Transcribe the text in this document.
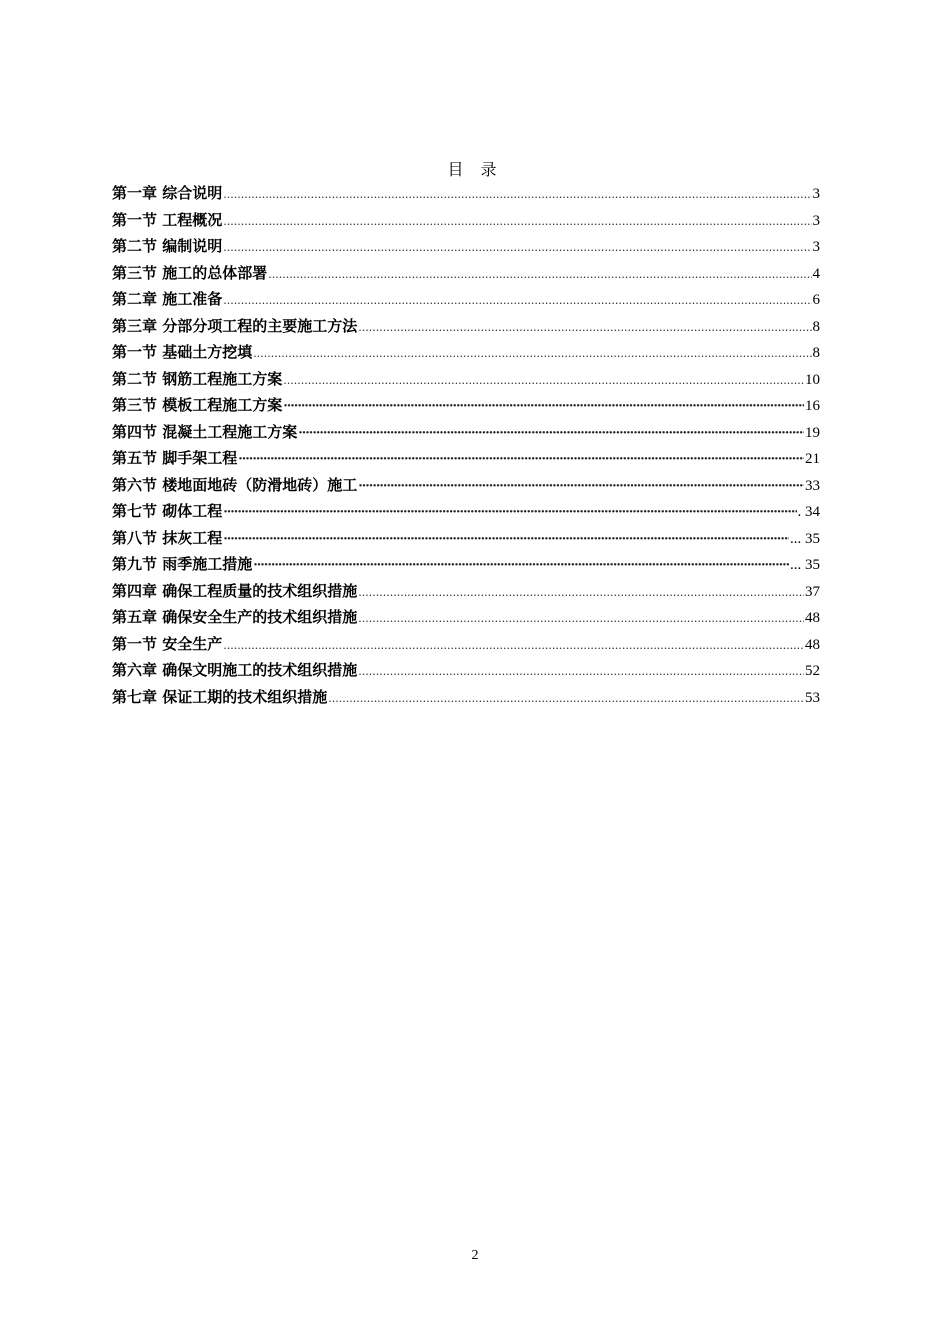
目 录
第一章 综合说明 .....	3
第一节 工程概况 .....	3
第二节 编制说明 .....	3
第三节 施工的总体部署 .....	4
第二章 施工准备 .....	6
第三章 分部分项工程的主要施工方法 .....	8
第一节 基础土方挖填 .....	8
第二节 钢筋工程施工方案 .....	10
第三节 模板工程施工方案 ·····	16
第四节 混凝土工程施工方案 ·····	19
第五节 脚手架工程 ·····	21
第六节 楼地面地砖（防滑地砖）施工 ·····	33
第七节 砌体工程 ·····	. 34
第八节 抹灰工程 ·····	... 35
第九节 雨季施工措施 ·····	... 35
第四章 确保工程质量的技术组织措施 .....	37
第五章 确保安全生产的技术组织措施 .....	48
第一节 安全生产 .....	48
第六章 确保文明施工的技术组织措施 .....	52
第七章 保证工期的技术组织措施 .....	53
2
